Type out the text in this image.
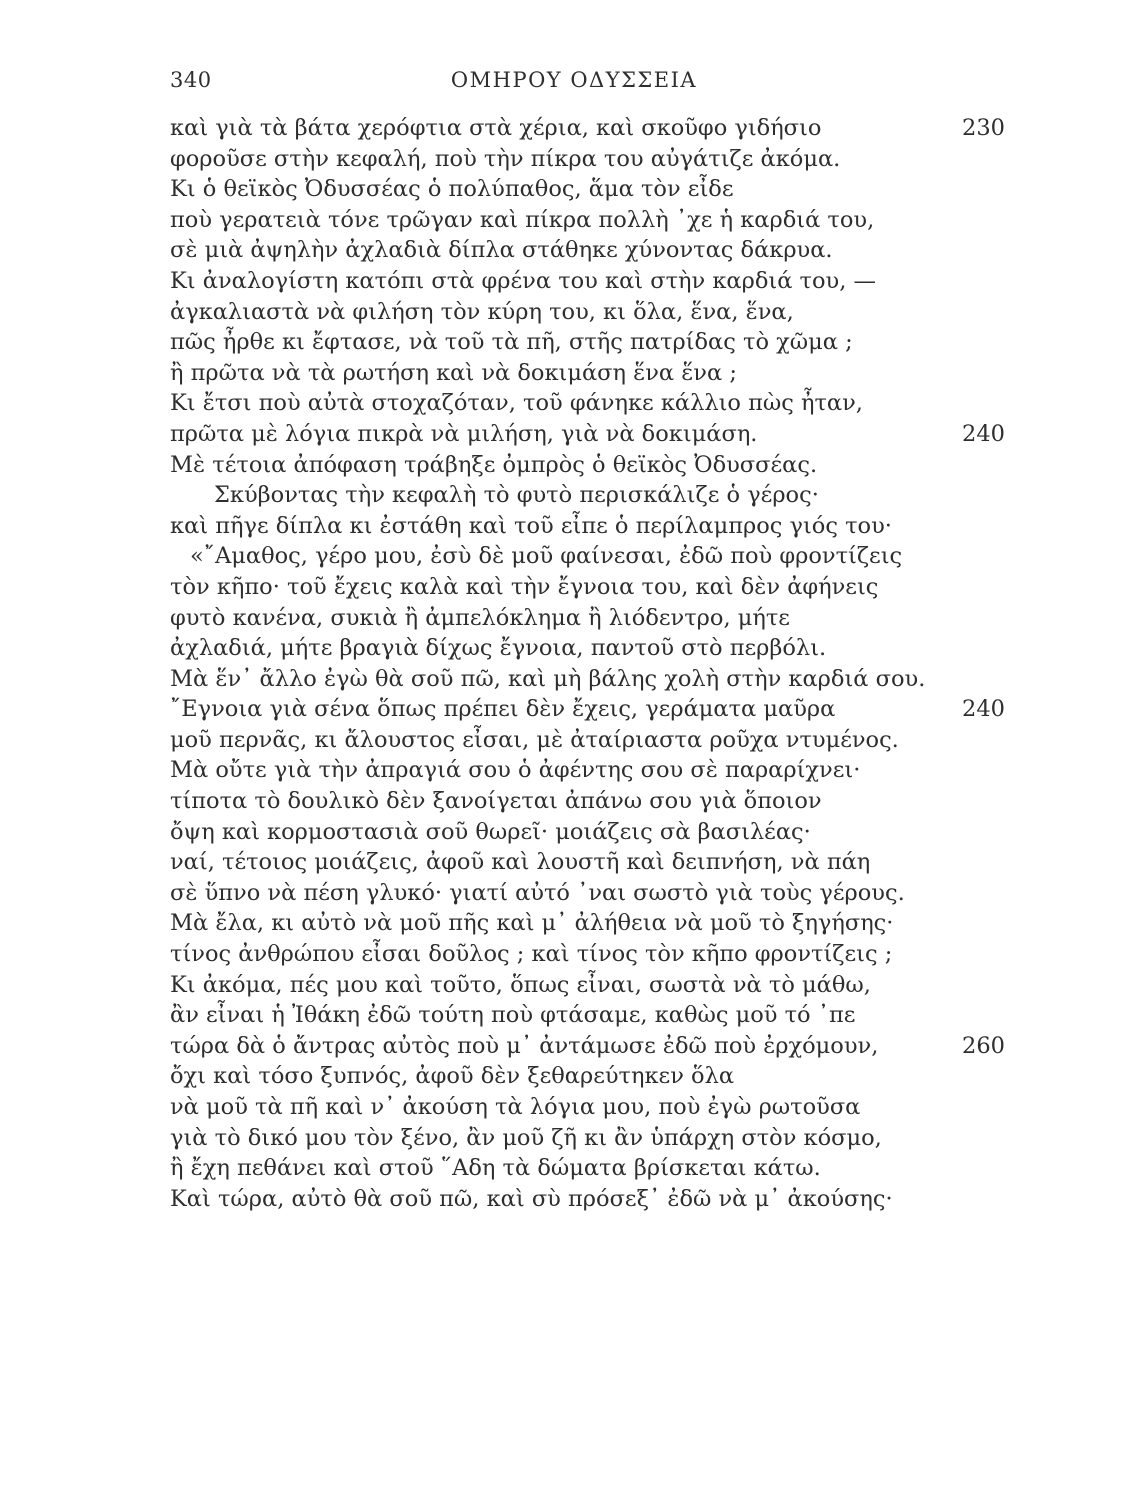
340	ΟΜΗΡΟΥ ΟΔΥΣΣΕΙΑ
καὶ γιὰ τὰ βάτα χερόφτια στὰ χέρια, καὶ σκοῦφο γιδήσιο	230
φοροῦσε στὴν κεφαλή, ποὺ τὴν πίκρα του αὐγάτιζε ἀκόμα.
Κι ὁ θεϊκὸς Ὀδυσσέας ὁ πολύπαθος, ἅμα τὸν εἶδε
ποὺ γερατειὰ τόνε τρῶγαν καὶ πίκρα πολλὴ ᾿χε ἡ καρδιά του,
σὲ μιὰ ἀψηλὴν ἀχλαδιὰ δίπλα στάθηκε χύνοντας δάκρυα.
Κι ἀναλογίστη κατόπι στὰ φρένα του καὶ στὴν καρδιά του, —
ἀγκαλιαστὰ νὰ φιλήση τὸν κύρη του, κι ὅλα, ἕνα, ἕνα,
πῶς ἦρθε κι ἔφτασε, νὰ τοῦ τὰ πῆ, στῆς πατρίδας τὸ χῶμα ;
ἢ πρῶτα νὰ τὰ ρωτήση καὶ νὰ δοκιμάση ἕνα ἕνα ;
Κι ἔτσι ποὺ αὐτὰ στοχαζόταν, τοῦ φάνηκε κάλλιο πὼς ἦταν,
πρῶτα μὲ λόγια πικρὰ νὰ μιλήση, γιὰ νὰ δοκιμάση.	240
Μὲ τέτοια ἀπόφαση τράβηξε ὀμπρὸς ὁ θεϊκὸς Ὀδυσσέας.
Σκύβοντας τὴν κεφαλὴ τὸ φυτὸ περισκάλιζε ὁ γέρος·
καὶ πῆγε δίπλα κι ἐστάθη καὶ τοῦ εἶπε ὁ περίλαμπρος γιός του·
«῎Αμαθος, γέρο μου, ἐσὺ δὲ μοῦ φαίνεσαι, ἐδῶ ποὺ φροντίζεις
τὸν κῆπο· τοῦ ἔχεις καλὰ καὶ τὴν ἔγνοια του, καὶ δὲν ἀφήνεις
φυτὸ κανένα, συκιὰ ἢ ἀμπελόκλημα ἢ λιόδεντρο, μήτε
ἀχλαδιά, μήτε βραγιὰ δίχως ἔγνοια, παντοῦ στὸ περβόλι.
Μὰ ἕν᾿ ἄλλο ἐγὼ θὰ σοῦ πῶ, καὶ μὴ βάλης χολὴ στὴν καρδιά σου.
῎Εγνοια γιὰ σένα ὅπως πρέπει δὲν ἔχεις, γεράματα μαῦρα	240
μοῦ περνᾶς, κι ἄλουστος εἶσαι, μὲ ἀταίριαστα ροῦχα ντυμένος.
Μὰ οὔτε γιὰ τὴν ἀπραγιά σου ὁ ἀφέντης σου σὲ παραρίχνει·
τίποτα τὸ δουλικὸ δὲν ξανοίγεται ἀπάνω σου γιὰ ὅποιον
ὄψη καὶ κορμοστασιὰ σοῦ θωρεῖ· μοιάζεις σὰ βασιλέας·
ναί, τέτοιος μοιάζεις, ἀφοῦ καὶ λουστῆ καὶ δειπνήση, νὰ πάη
σὲ ὕπνο νὰ πέση γλυκό· γιατί αὐτό ᾿ναι σωστὸ γιὰ τοὺς γέρους.
Μὰ ἔλα, κι αὐτὸ νὰ μοῦ πῆς καὶ μ᾿ ἀλήθεια νὰ μοῦ τὸ ξηγήσης·
τίνος ἀνθρώπου εἶσαι δοῦλος ; καὶ τίνος τὸν κῆπο φροντίζεις ;
Κι ἀκόμα, πές μου καὶ τοῦτο, ὅπως εἶναι, σωστὰ νὰ τὸ μάθω,
ἂν εἶναι ἡ Ἰθάκη ἐδῶ τούτη ποὺ φτάσαμε, καθὼς μοῦ τό ᾿πε
τώρα δὰ ὁ ἄντρας αὐτὸς ποὺ μ᾿ ἀντάμωσε ἐδῶ ποὺ ἐρχόμουν,	260
ὄχι καὶ τόσο ξυπνός, ἀφοῦ δὲν ξεθαρεύτηκεν ὅλα
νὰ μοῦ τὰ πῆ καὶ ν᾿ ἀκούση τὰ λόγια μου, ποὺ ἐγὼ ρωτοῦσα
γιὰ τὸ δικό μου τὸν ξένο, ἂν μοῦ ζῆ κι ἂν ὑπάρχη στὸν κόσμο,
ἢ ἔχη πεθάνει καὶ στοῦ ῞Αδη τὰ δώματα βρίσκεται κάτω.
Καὶ τώρα, αὐτὸ θὰ σοῦ πῶ, καὶ σὺ πρόσεξ᾿ ἐδῶ νὰ μ᾿ ἀκούσης·
